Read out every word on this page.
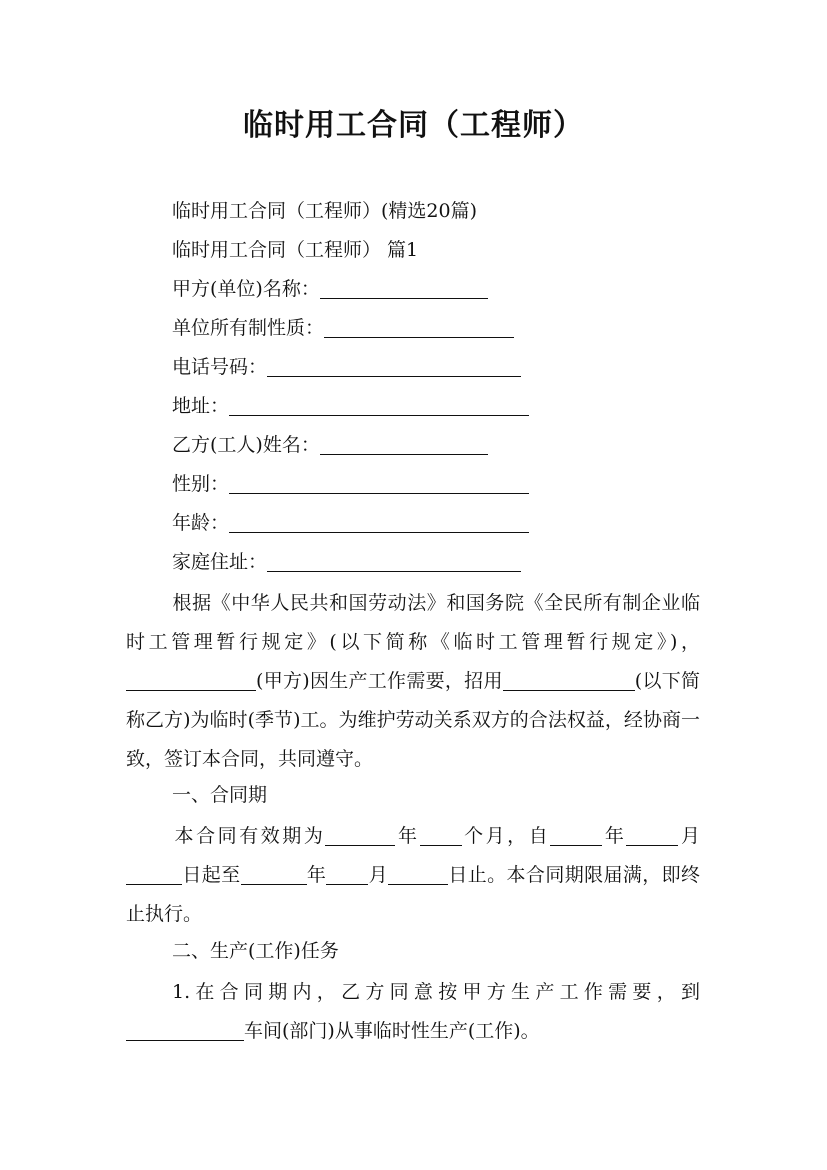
临时用工合同（工程师）
临时用工合同（工程师）(精选20篇)
临时用工合同（工程师） 篇1
甲方(单位)名称：
单位所有制性质：
电话号码：
地址：
乙方(工人)姓名：
性别：
年龄：
家庭住址：
根据《中华人民共和国劳动法》和国务院《全民所有制企业临时工管理暂行规定》(以下简称《临时工管理暂行规定》)，(甲方)因生产工作需要，招用	(以下简称乙方)为临时(季节)工。为维护劳动关系双方的合法权益，经协商一致，签订本合同，共同遵守。
一、合同期
本合同有效期为	年 个月，自	年	月日起至	年 月	日止。本合同期限届满，即终止执行。
二、生产(工作)任务
1.在合同期内，乙方同意按甲方生产工作需要，到车间(部门)从事临时性生产(工作)。
